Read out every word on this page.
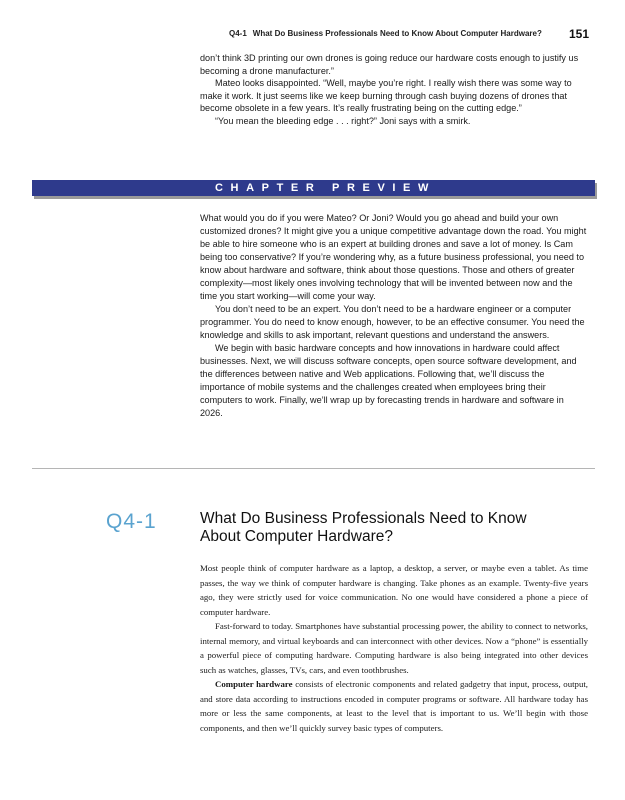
Q4-1 What Do Business Professionals Need to Know About Computer Hardware? 151

don’t think 3D printing our own drones is going reduce our hardware costs enough to justify us becoming a drone manufacturer.”

Mateo looks disappointed. “Well, maybe you’re right. I really wish there was some way to make it work. It just seems like we keep burning through cash buying dozens of drones that become obsolete in a few years. It’s really frustrating being on the cutting edge.”

“You mean the bleeding edge . . . right?” Joni says with a smirk.

CHAPTER PREVIEW

What would you do if you were Mateo? Or Joni? Would you go ahead and build your own customized drones? It might give you a unique competitive advantage down the road. You might be able to hire someone who is an expert at building drones and save a lot of money. Is Cam being too conservative? If you’re wondering why, as a future business professional, you need to know about hardware and software, think about those questions. Those and others of greater complexity—most likely ones involving technology that will be invented between now and the time you start working—will come your way.

You don’t need to be an expert. You don’t need to be a hardware engineer or a computer programmer. You do need to know enough, however, to be an effective consumer. You need the knowledge and skills to ask important, relevant questions and understand the answers.

We begin with basic hardware concepts and how innovations in hardware could affect businesses. Next, we will discuss software concepts, open source software development, and the differences between native and Web applications. Following that, we’ll discuss the importance of mobile systems and the challenges created when employees bring their computers to work. Finally, we’ll wrap up by forecasting trends in hardware and software in 2026.

Q4-1	What Do Business Professionals Need to Know About Computer Hardware?

Most people think of computer hardware as a laptop, a desktop, a server, or maybe even a tablet. As time passes, the way we think of computer hardware is changing. Take phones as an example. Twenty-five years ago, they were strictly used for voice communication. No one would have considered a phone a piece of computer hardware.

Fast-forward to today. Smartphones have substantial processing power, the ability to connect to networks, internal memory, and virtual keyboards and can interconnect with other devices. Now a “phone” is essentially a powerful piece of computing hardware. Computing hardware is also being integrated into other devices such as watches, glasses, TVs, cars, and even toothbrushes.

Computer hardware consists of electronic components and related gadgetry that input, process, output, and store data according to instructions encoded in computer programs or software. All hardware today has more or less the same components, at least to the level that is important to us. We’ll begin with those components, and then we’ll quickly survey basic types of computers.
